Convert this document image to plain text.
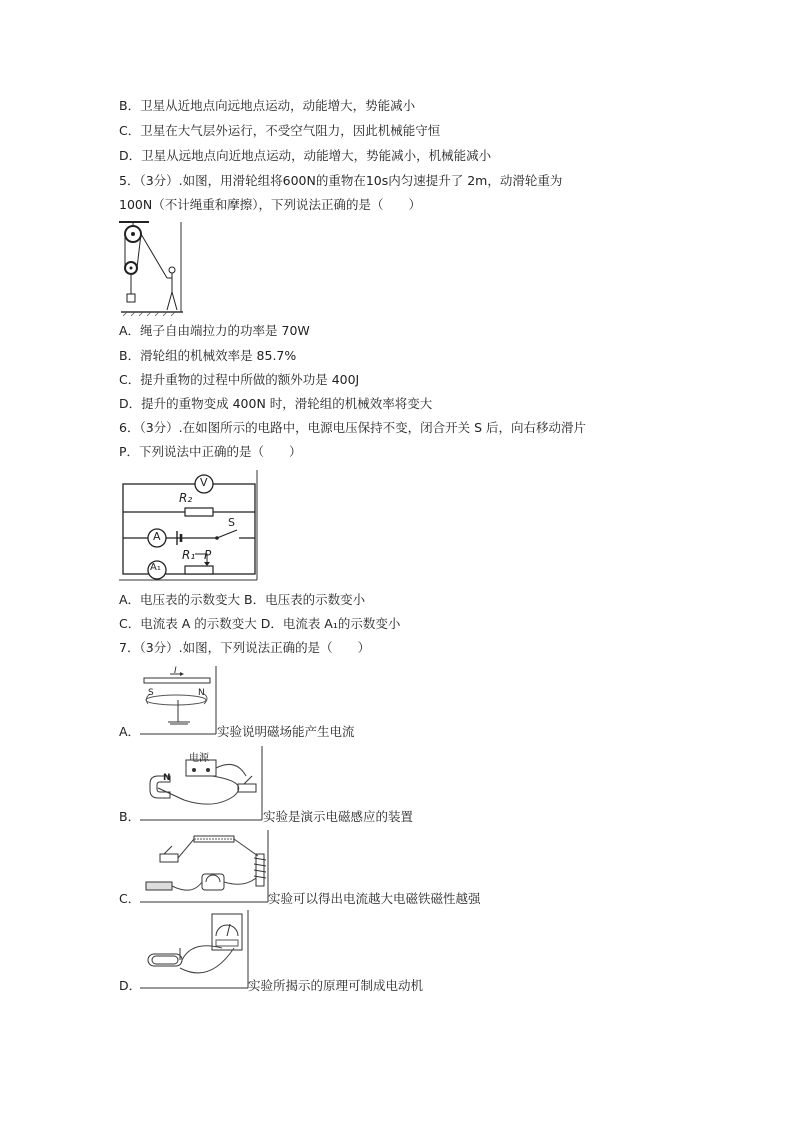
B．卫星从近地点向远地点运动，动能增大，势能减小
C．卫星在大气层外运行，不受空气阻力，因此机械能守恒
D．卫星从远地点向近地点运动，动能增大，势能减小，机械能减小
5．（3分）.如图，用滑轮组将600N的重物在10s内匀速提升了 2m，动滑轮重为
100N（不计绳重和摩擦），下列说法正确的是（　　）
A．绳子自由端拉力的功率是 70W
B．滑轮组的机械效率是 85.7%
C．提升重物的过程中所做的额外功是 400J
D．提升的重物变成 400N 时，滑轮组的机械效率将变大
6．（3分）.在如图所示的电路中，电源电压保持不变，闭合开关 S 后，向右移动滑片
P．下列说法中正确的是（　　）
V
R₂
A
S
R₁ P
A₁
A．电压表的示数变大 B．电压表的示数变小
C．电流表 A 的示数变大 D．电流表 A₁的示数变小
7．（3分）.如图，下列说法正确的是（　　）
I
S	N
A．	实验说明磁场能产生电流
电源
N
B．	实验是演示电磁感应的装置
C．	实验可以得出电流越大电磁铁磁性越强
D．	实验所揭示的原理可制成电动机
